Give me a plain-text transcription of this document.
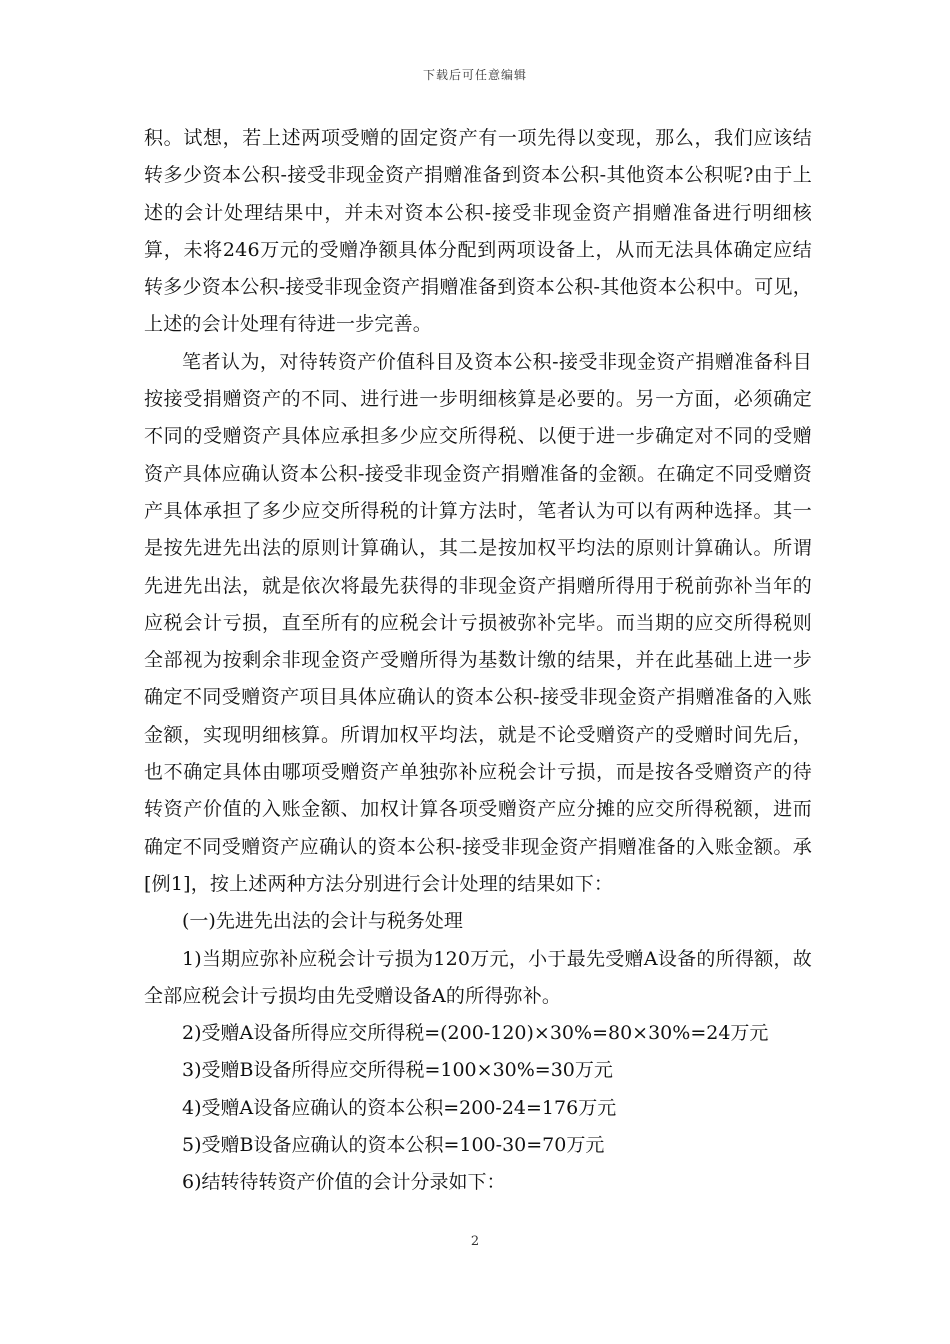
下载后可任意编辑

积。试想，若上述两项受赠的固定资产有一项先得以变现，那么，我们应该结转多少资本公积-接受非现金资产捐赠准备到资本公积-其他资本公积呢?由于上述的会计处理结果中，并未对资本公积-接受非现金资产捐赠准备进行明细核算，未将246万元的受赠净额具体分配到两项设备上，从而无法具体确定应结转多少资本公积-接受非现金资产捐赠准备到资本公积-其他资本公积中。可见，上述的会计处理有待进一步完善。

笔者认为，对待转资产价值科目及资本公积-接受非现金资产捐赠准备科目按接受捐赠资产的不同、进行进一步明细核算是必要的。另一方面，必须确定不同的受赠资产具体应承担多少应交所得税、以便于进一步确定对不同的受赠资产具体应确认资本公积-接受非现金资产捐赠准备的金额。在确定不同受赠资产具体承担了多少应交所得税的计算方法时，笔者认为可以有两种选择。其一是按先进先出法的原则计算确认，其二是按加权平均法的原则计算确认。所谓先进先出法，就是依次将最先获得的非现金资产捐赠所得用于税前弥补当年的应税会计亏损，直至所有的应税会计亏损被弥补完毕。而当期的应交所得税则全部视为按剩余非现金资产受赠所得为基数计缴的结果，并在此基础上进一步确定不同受赠资产项目具体应确认的资本公积-接受非现金资产捐赠准备的入账金额，实现明细核算。所谓加权平均法，就是不论受赠资产的受赠时间先后，也不确定具体由哪项受赠资产单独弥补应税会计亏损，而是按各受赠资产的待转资产价值的入账金额、加权计算各项受赠资产应分摊的应交所得税额，进而确定不同受赠资产应确认的资本公积-接受非现金资产捐赠准备的入账金额。承[例1]，按上述两种方法分别进行会计处理的结果如下：

(一)先进先出法的会计与税务处理

1)当期应弥补应税会计亏损为120万元，小于最先受赠A设备的所得额，故全部应税会计亏损均由先受赠设备A的所得弥补。

2)受赠A设备所得应交所得税=(200-120)×30%=80×30%=24万元

3)受赠B设备所得应交所得税=100×30%=30万元

4)受赠A设备应确认的资本公积=200-24=176万元

5)受赠B设备应确认的资本公积=100-30=70万元

6)结转待转资产价值的会计分录如下：

2
